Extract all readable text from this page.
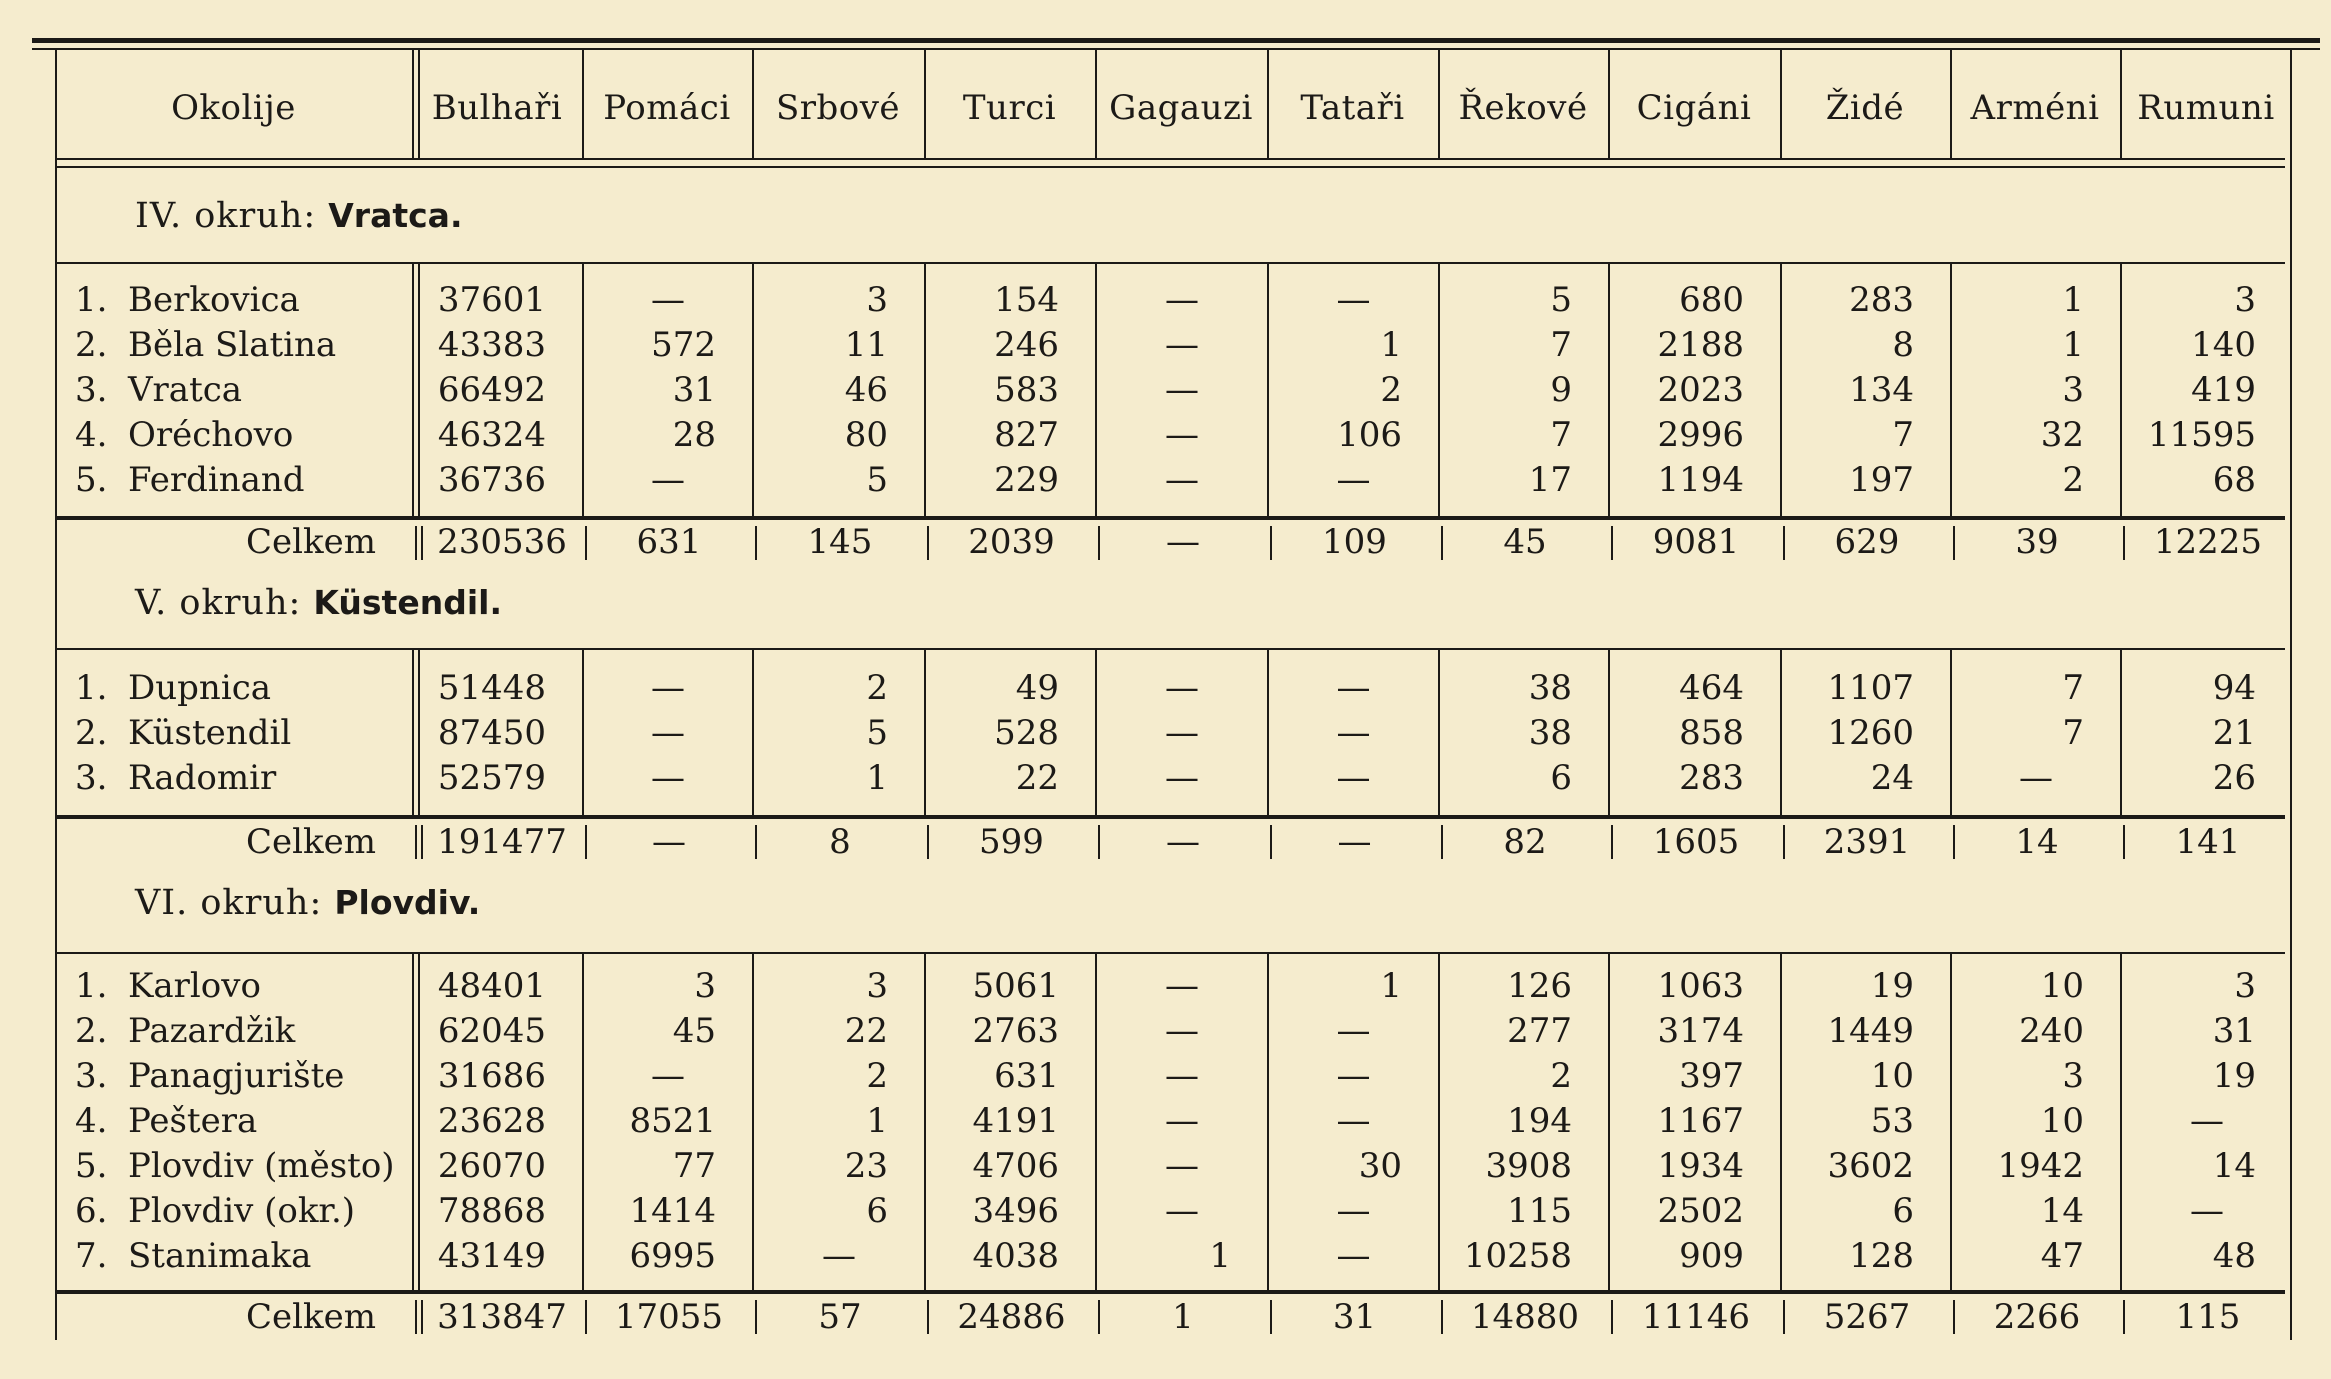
Okolije	Bulhaři	Pomáci	Srbové	Turci	Gagauzi	Tataři	Řekové	Cigáni	Židé	Arméni	Rumuni
IV. okruh: Vratca.
1. Berkovica	37601	—	3	154	—	—	5	680	283	1	3
2. Běla Slatina	43383	572	11	246	—	1	7	2188	8	1	140
3. Vratca	66492	31	46	583	—	2	9	2023	134	3	419
4. Oréchovo	46324	28	80	827	—	106	7	2996	7	32	11595
5. Ferdinand	36736	—	5	229	—	—	17	1194	197	2	68
Celkem	230536	631	145	2039	—	109	45	9081	629	39	12225
V. okruh: Küstendil.
1. Dupnica	51448	—	2	49	—	—	38	464	1107	7	94
2. Küstendil	87450	—	5	528	—	—	38	858	1260	7	21
3. Radomir	52579	—	1	22	—	—	6	283	24	—	26
Celkem	191477	—	8	599	—	—	82	1605	2391	14	141
VI. okruh: Plovdiv.
1. Karlovo	48401	3	3	5061	—	1	126	1063	19	10	3
2. Pazardžik	62045	45	22	2763	—	—	277	3174	1449	240	31
3. Panagjurište	31686	—	2	631	—	—	2	397	10	3	19
4. Peštera	23628	8521	1	4191	—	—	194	1167	53	10	—
5. Plovdiv (město)	26070	77	23	4706	—	30	3908	1934	3602	1942	14
6. Plovdiv (okr.)	78868	1414	6	3496	—	—	115	2502	6	14	—
7. Stanimaka	43149	6995	—	4038	1	—	10258	909	128	47	48
Celkem	313847	17055	57	24886	1	31	14880	11146	5267	2266	115
